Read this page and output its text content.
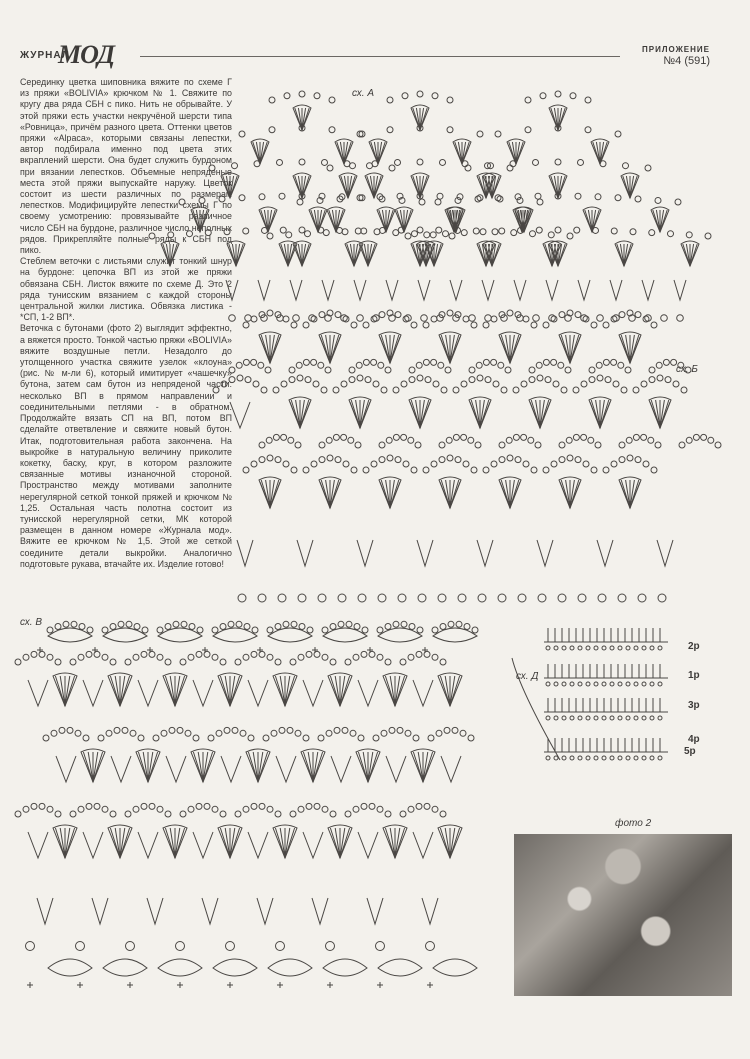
ЖУРНАЛ
МОД	ПРИЛОЖЕНИЕ
№4 (591)

Серединку цветка шиповника вяжите по схеме Г из пряжи «BOLIVIA» крючком № 1. Свяжите по кругу два ряда СБН с пико. Нить не обрывайте. У этой пряжи есть участки некручёной шерсти типа «Ровница», причём разного цвета. Оттенки цветов пряжи «Alpaca», которыми связаны лепестки, автор подбирала именно под цвета этих вкраплений шерсти. Она будет служить бурдоном при вязании лепестков. Объемные непряденые места этой пряжи выпускайте наружу. Цветок состоит из шести различных по размерам лепестков. Модифицируйте лепестки схемы Г по своему усмотрению: провязывайте различное число СБН на бурдоне, различное число неполных рядов. Прикрепляйте полные ряды к СБН под пико.

Стеблем веточки с листьями служит тонкий шнур на бурдоне: цепочка ВП из этой же пряжи обвязана СБН. Листок вяжите по схеме Д. Это 2 ряда тунисским вязанием с каждой стороны центральной жилки листика. Обвязка листика - *СП, 1-2 ВП*.

Веточка с бутонами (фото 2) выглядит эффектно, а вяжется просто. Тонкой частью пряжи «BOLIVIA» вяжите воздушные петли. Незадолго до утолщенного участка свяжите узелок «клоуна» (рис. № м-ли 6), который имитирует «чашечку» бутона, затем сам бутон из непряденой части: несколько ВП в прямом направлении и соединительными петлями - в обратном. Продолжайте вязать СП на ВП, потом ВП сделайте ответвление и свяжите новый бутон. Итак, подготовительная работа закончена. На выкройке в натуральную величину приколите кокетку, баску, круг, в котором разложите связанные мотивы изнаночной стороной. Пространство между мотивами заполните нерегулярной сеткой тонкой пряжей и крючком № 1,25. Остальная часть полотна состоит из тунисской нерегулярной сетки, МК которой размещен в данном номере «Журнала мод». Вяжите ее крючком № 1,5. Этой же сеткой соедините детали выкройки. Аналогично подготовьте рукава, втачайте их. Изделие готово!

сх. А
сх. Б
сх. В
сх. Д
2р
1р
3р
4р
5р
фото 2
